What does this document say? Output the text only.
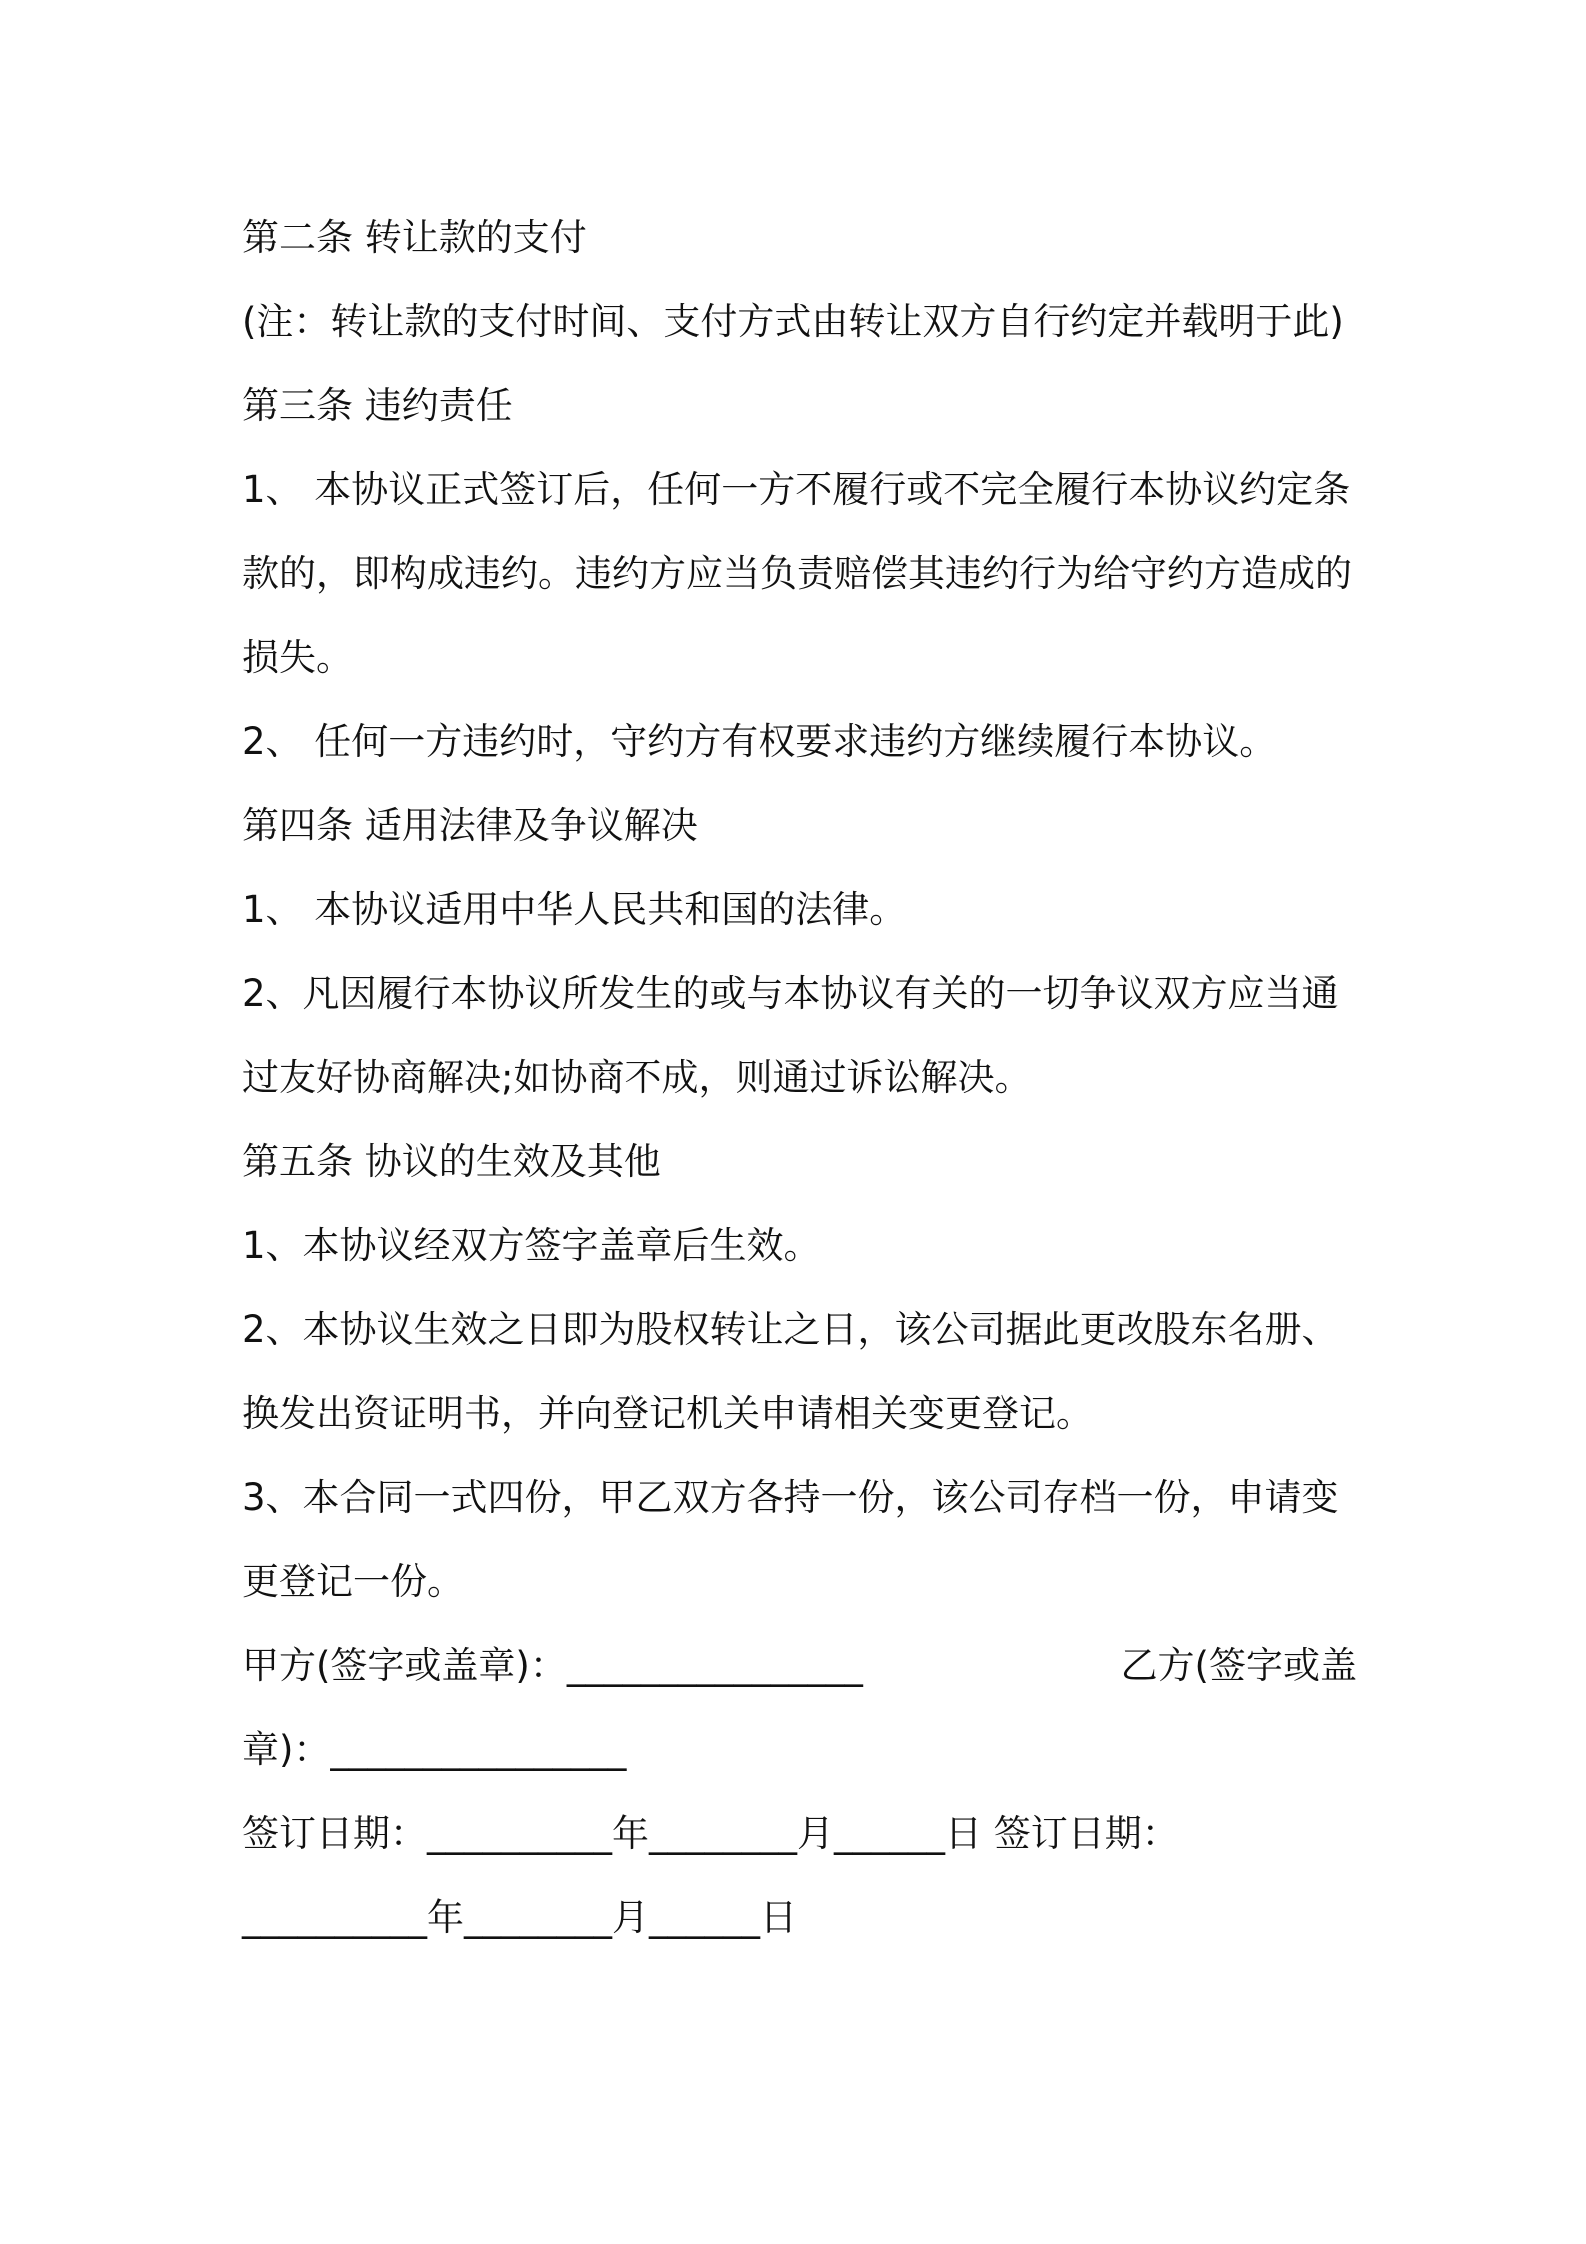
第二条 转让款的支付
(注：转让款的支付时间、支付方式由转让双方自行约定并载明于此)
第三条 违约责任
1、 本协议正式签订后，任何一方不履行或不完全履行本协议约定条
款的，即构成违约。违约方应当负责赔偿其违约行为给守约方造成的
损失。
2、 任何一方违约时，守约方有权要求违约方继续履行本协议。
第四条 适用法律及争议解决
1、 本协议适用中华人民共和国的法律。
2、凡因履行本协议所发生的或与本协议有关的一切争议双方应当通
过友好协商解决;如协商不成，则通过诉讼解决。
第五条 协议的生效及其他
1、本协议经双方签字盖章后生效。
2、本协议生效之日即为股权转让之日，该公司据此更改股东名册、
换发出资证明书，并向登记机关申请相关变更登记。
3、本合同一式四份，甲乙双方各持一份，该公司存档一份，申请变
更登记一份。
甲方(签字或盖章)：________________	乙方(签字或盖
章)：________________
签订日期：__________年________月______日 签订日期：
__________年________月______日
